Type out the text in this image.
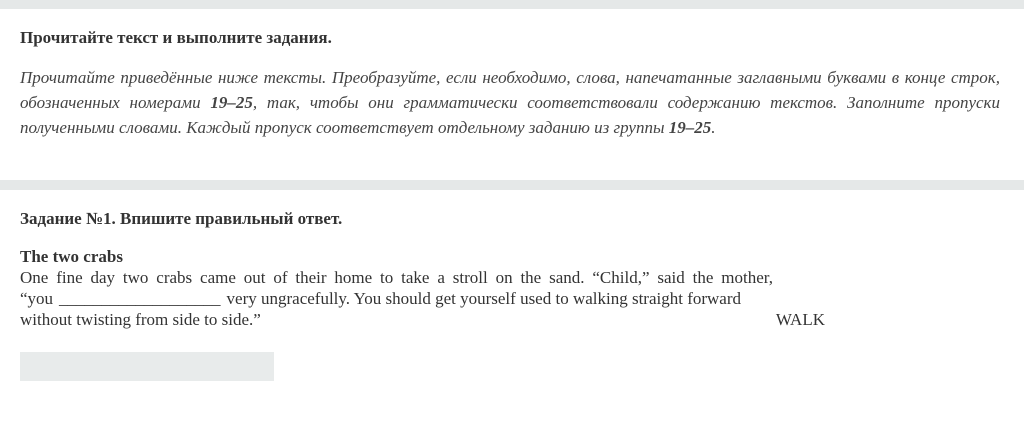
Прочитайте текст и выполните задания.

Прочитайте приведённые ниже тексты. Преобразуйте, если необходимо, слова, напечатанные заглавными буквами в конце строк, обозначенных номерами 19–25, так, чтобы они грамматически соответствовали содержанию текстов. Заполните пропуски полученными словами. Каждый пропуск соответствует отдельному заданию из группы 19–25.

Задание №1. Впишите правильный ответ.

The two crabs

One fine day two crabs came out of their home to take a stroll on the sand. “Child,” said the mother,

“you ___________________ very ungracefully. You should get yourself used to walking straight forward

without twisting from side to side.”	WALK
